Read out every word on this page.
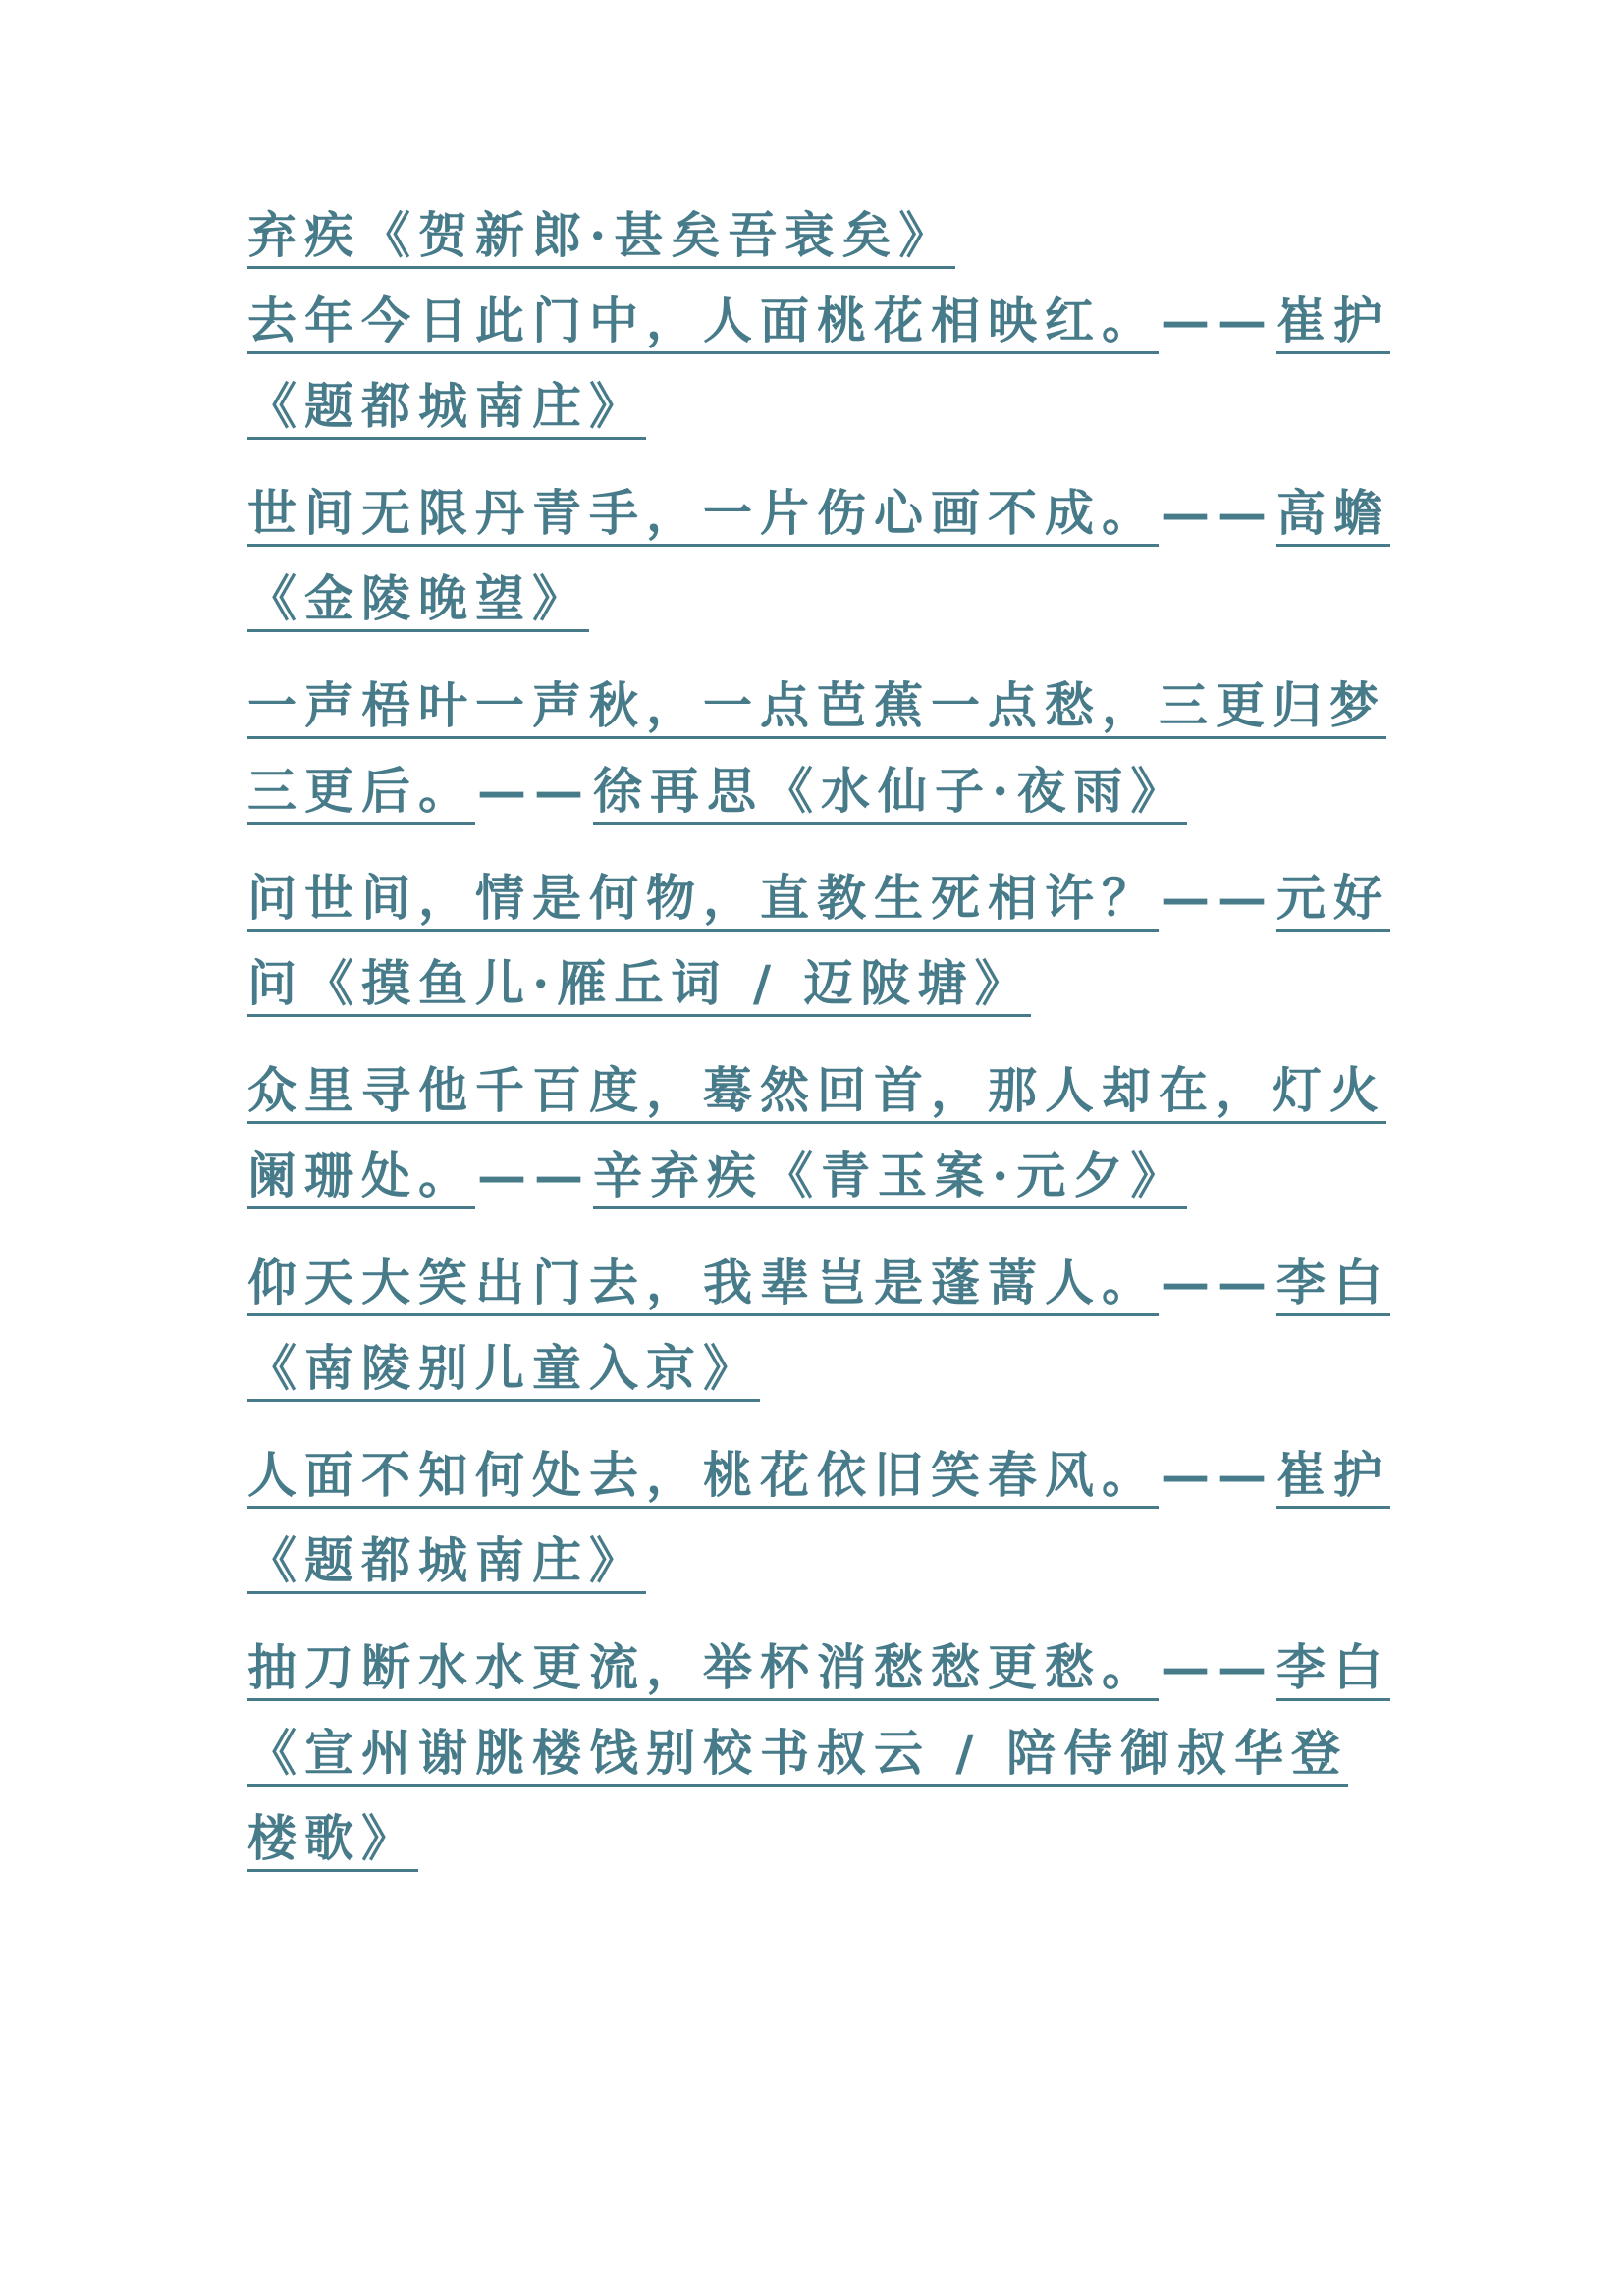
弃疾《贺新郎·甚矣吾衰矣》
去年今日此门中，人面桃花相映红。——崔护
《题都城南庄》
世间无限丹青手，一片伤心画不成。——高蟾
《金陵晚望》
一声梧叶一声秋，一点芭蕉一点愁，三更归梦
三更后。——徐再思《水仙子·夜雨》
问世间，情是何物，直教生死相许？——元好
问《摸鱼儿·雁丘词 / 迈陂塘》
众里寻他千百度，蓦然回首，那人却在，灯火
阑珊处。——辛弃疾《青玉案·元夕》
仰天大笑出门去，我辈岂是蓬蒿人。——李白
《南陵别儿童入京》
人面不知何处去，桃花依旧笑春风。——崔护
《题都城南庄》
抽刀断水水更流，举杯消愁愁更愁。——李白
《宣州谢朓楼饯别校书叔云 / 陪侍御叔华登
楼歌》
